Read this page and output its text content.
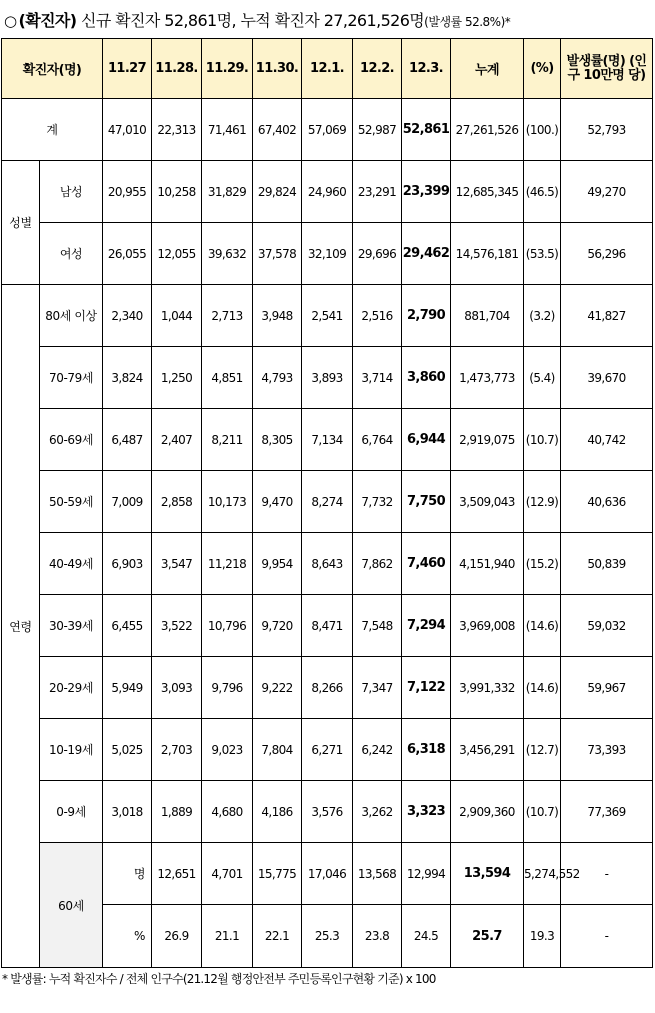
○ (확진자) 신규 확진자 52,861명, 누적 확진자 27,261,526명(발생률 52.8%)*
확진자(명)		11.27	11.28.	11.29.	11.30.	12.1.	12.2.	12.3.	누계	(%)	발생률(명) (인구 10만명 당)	
계		47,010	22,313	71,461	67,402	57,069	52,987	52,861	27,261,526	(100.)	52,793	
성별	남성	20,955	10,258	31,829	29,824	24,960	23,291	23,399	12,685,345	(46.5)	49,270	
	여성	26,055	12,055	39,632	37,578	32,109	29,696	29,462	14,576,181	(53.5)	56,296	
연령	80세 이상	2,340	1,044	2,713	3,948	2,541	2,516	2,790	881,704	(3.2)	41,827	
	70-79세	3,824	1,250	4,851	4,793	3,893	3,714	3,860	1,473,773	(5.4)	39,670	
	60-69세	6,487	2,407	8,211	8,305	7,134	6,764	6,944	2,919,075	(10.7)	40,742	
	50-59세	7,009	2,858	10,173	9,470	8,274	7,732	7,750	3,509,043	(12.9)	40,636	
	40-49세	6,903	3,547	11,218	9,954	8,643	7,862	7,460	4,151,940	(15.2)	50,839	
	30-39세	6,455	3,522	10,796	9,720	8,471	7,548	7,294	3,969,008	(14.6)	59,032	
	20-29세	5,949	3,093	9,796	9,222	8,266	7,347	7,122	3,991,332	(14.6)	59,967	
	10-19세	5,025	2,703	9,023	7,804	6,271	6,242	6,318	3,456,291	(12.7)	73,393	
	0-9세	3,018	1,889	4,680	4,186	3,576	3,262	3,323	2,909,360	(10.7)	77,369	
	60세	명	12,651	4,701	15,775	17,046	13,568	12,994	13,594	5,274,552	-	
		%	26.9	21.1	22.1	25.3	23.8	24.5	25.7	19.3	-	
* 발생률: 누적 확진자수 / 전체 인구수(21.12월 행정안전부 주민등록인구현황 기준) x 100
